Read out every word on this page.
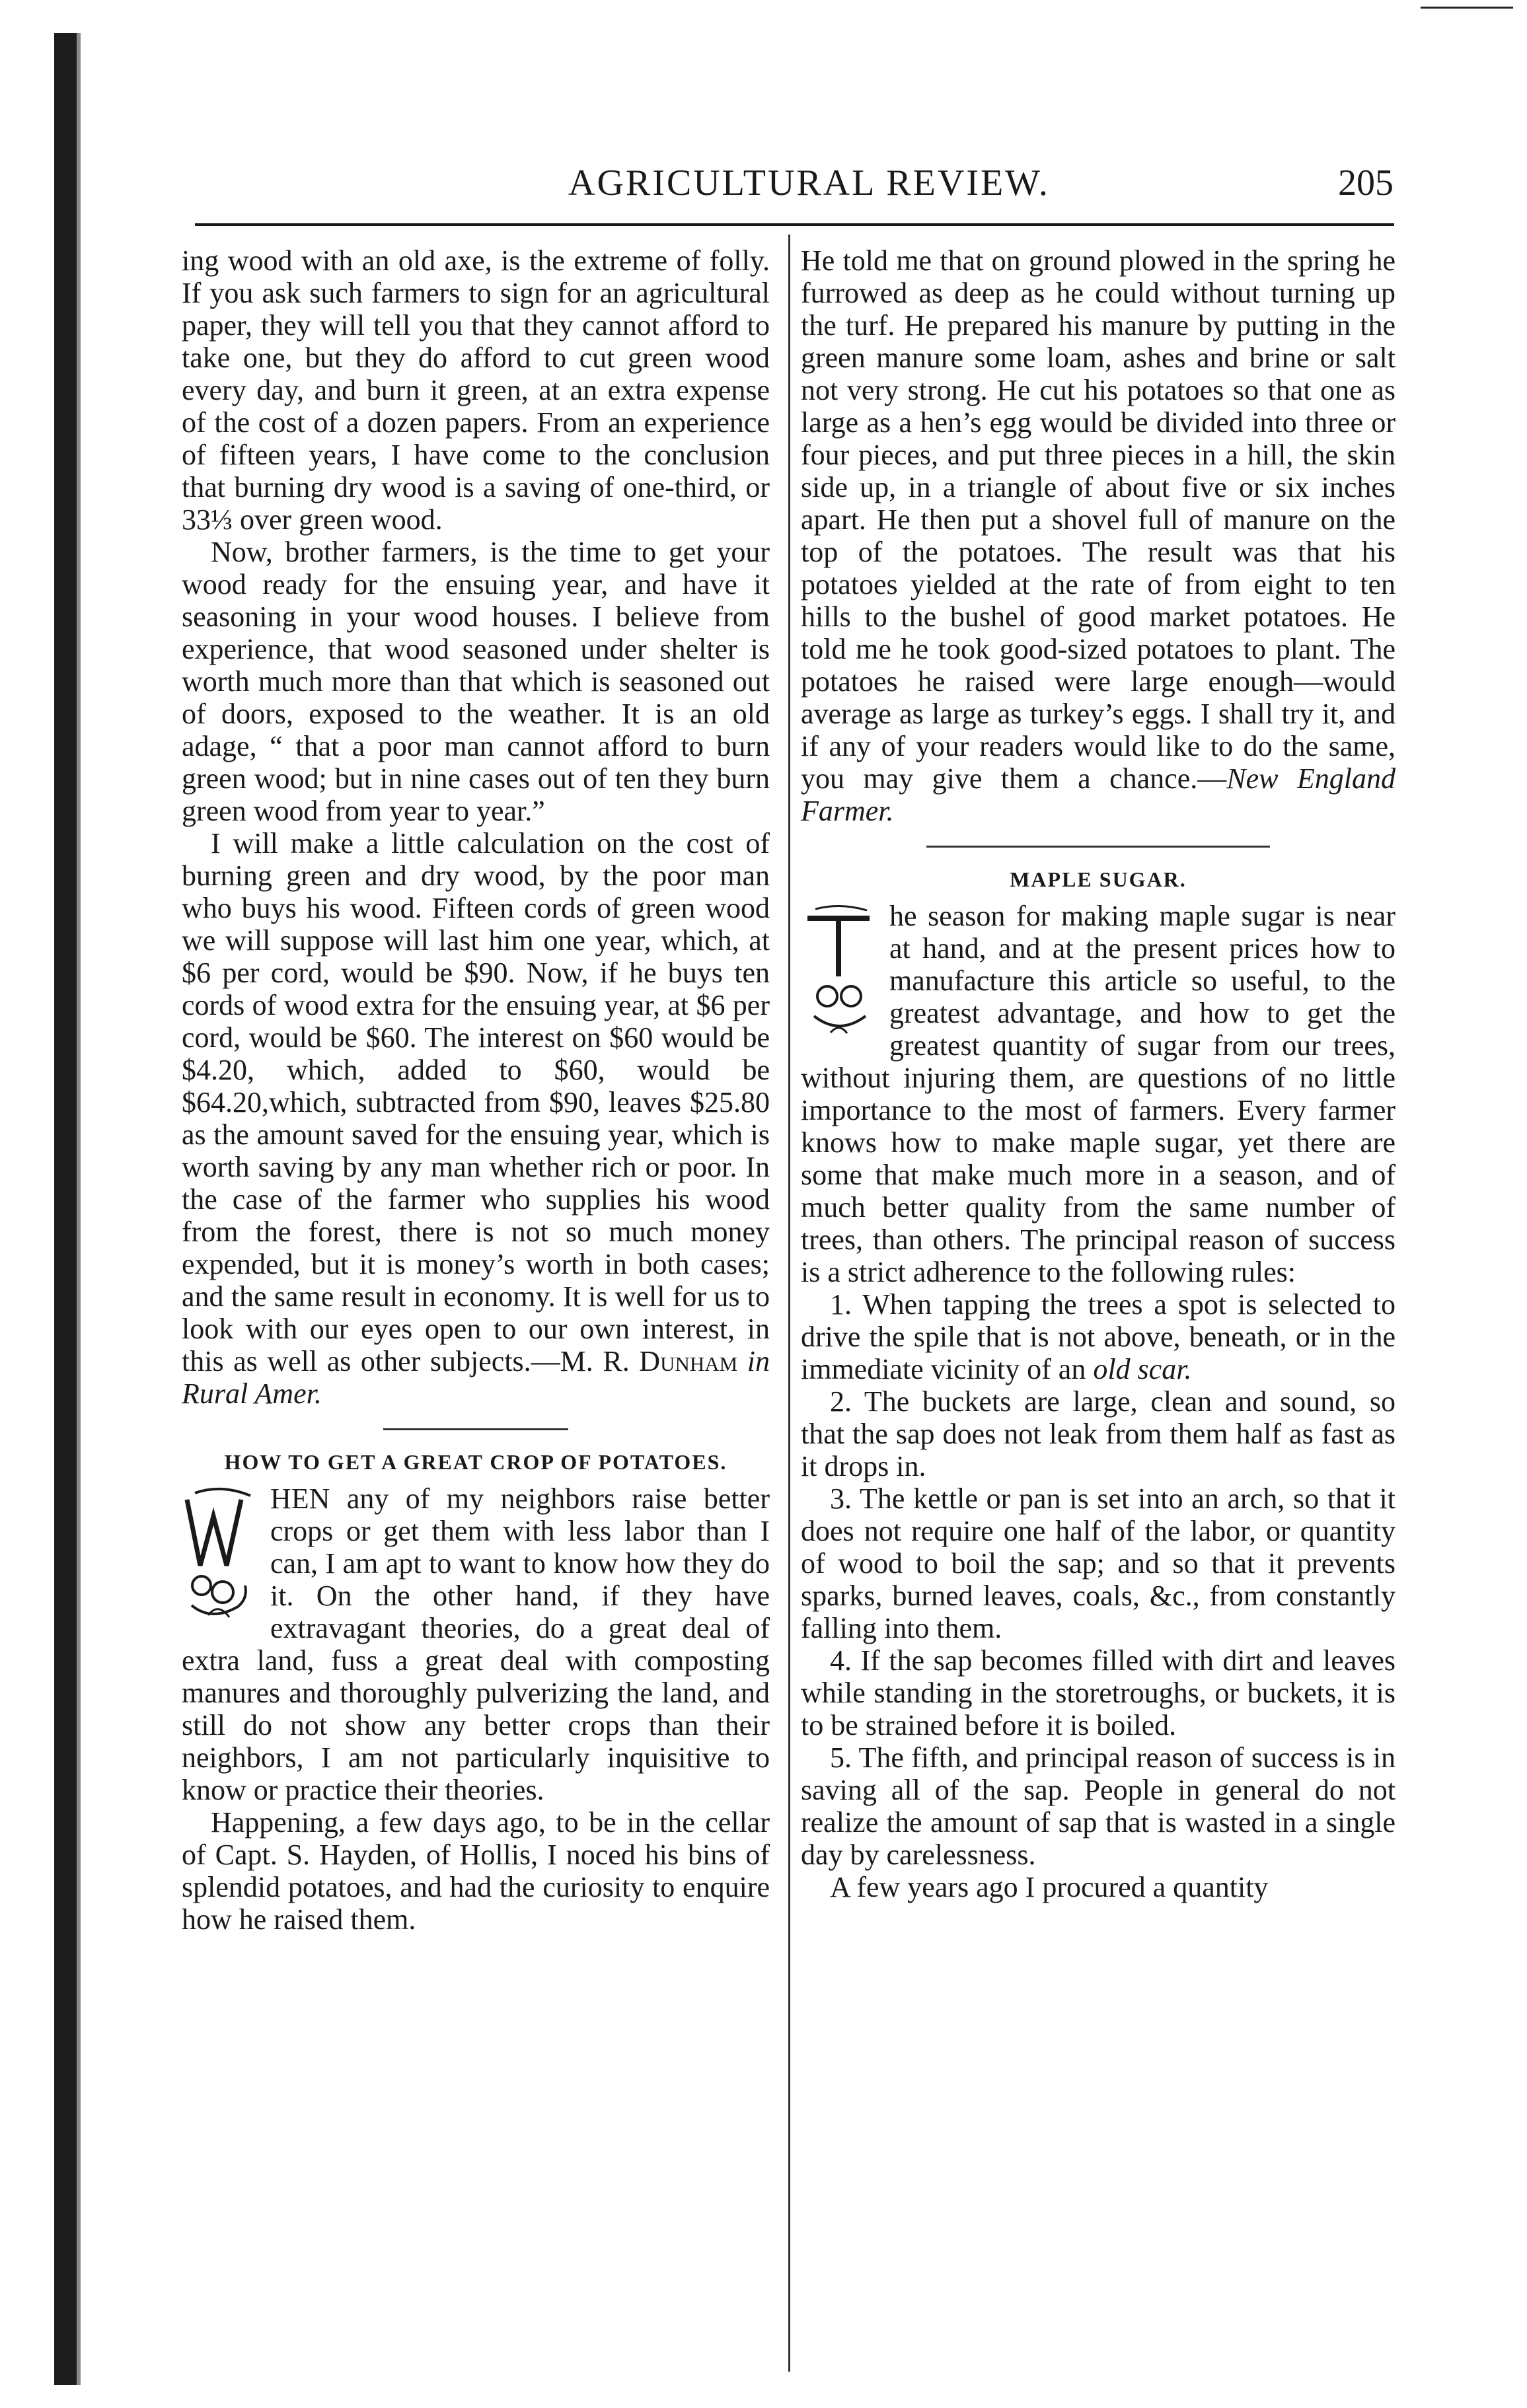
AGRICULTURAL REVIEW.	205

ing wood with an old axe, is the extreme of folly. If you ask such farmers to sign for an agricultural paper, they will tell you that they cannot afford to take one, but they do afford to cut green wood every day, and burn it green, at an extra expense of the cost of a dozen papers. From an experience of fifteen years, I have come to the conclusion that burning dry wood is a saving of one-third, or 33⅓ over green wood.

Now, brother farmers, is the time to get your wood ready for the ensuing year, and have it seasoning in your wood houses. I believe from experience, that wood seasoned under shelter is worth much more than that which is seasoned out of doors, exposed to the weather. It is an old adage, “ that a poor man cannot afford to burn green wood; but in nine cases out of ten they burn green wood from year to year.”

I will make a little calculation on the cost of burning green and dry wood, by the poor man who buys his wood. Fifteen cords of green wood we will suppose will last him one year, which, at $6 per cord, would be $90. Now, if he buys ten cords of wood extra for the ensuing year, at $6 per cord, would be $60. The interest on $60 would be $4.20, which, added to $60, would be $64.20,which, subtracted from $90, leaves $25.80 as the amount saved for the ensuing year, which is worth saving by any man whether rich or poor. In the case of the farmer who supplies his wood from the forest, there is not so much money expended, but it is money’s worth in both cases; and the same result in economy. It is well for us to look with our eyes open to our own interest, in this as well as other subjects.—M. R. Dunham in Rural Amer.

HOW TO GET A GREAT CROP OF POTATOES.

HEN any of my neighbors raise better crops or get them with less labor than I can, I am apt to want to know how they do it. On the other hand, if they have extravagant theories, do a great deal of extra land, fuss a great deal with composting manures and thoroughly pulverizing the land, and still do not show any better crops than their neighbors, I am not particularly inquisitive to know or practice their theories.

Happening, a few days ago, to be in the cellar of Capt. S. Hayden, of Hollis, I noced his bins of splendid potatoes, and had the curiosity to enquire how he raised them.

He told me that on ground plowed in the spring he furrowed as deep as he could without turning up the turf. He prepared his manure by putting in the green manure some loam, ashes and brine or salt not very strong. He cut his potatoes so that one as large as a hen’s egg would be divided into three or four pieces, and put three pieces in a hill, the skin side up, in a triangle of about five or six inches apart. He then put a shovel full of manure on the top of the potatoes. The result was that his potatoes yielded at the rate of from eight to ten hills to the bushel of good market potatoes. He told me he took good-sized potatoes to plant. The potatoes he raised were large enough—would average as large as turkey’s eggs. I shall try it, and if any of your readers would like to do the same, you may give them a chance.—New England Farmer.

MAPLE SUGAR.

he season for making maple sugar is near at hand, and at the present prices how to manufacture this article so useful, to the greatest advantage, and how to get the greatest quantity of sugar from our trees, without injuring them, are questions of no little importance to the most of farmers. Every farmer knows how to make maple sugar, yet there are some that make much more in a season, and of much better quality from the same number of trees, than others. The principal reason of success is a strict adherence to the following rules:

1. When tapping the trees a spot is selected to drive the spile that is not above, beneath, or in the immediate vicinity of an old scar.

2. The buckets are large, clean and sound, so that the sap does not leak from them half as fast as it drops in.

3. The kettle or pan is set into an arch, so that it does not require one half of the labor, or quantity of wood to boil the sap; and so that it prevents sparks, burned leaves, coals, &c., from constantly falling into them.

4. If the sap becomes filled with dirt and leaves while standing in the storetroughs, or buckets, it is to be strained before it is boiled.

5. The fifth, and principal reason of success is in saving all of the sap. People in general do not realize the amount of sap that is wasted in a single day by carelessness.

A few years ago I procured a quantity
